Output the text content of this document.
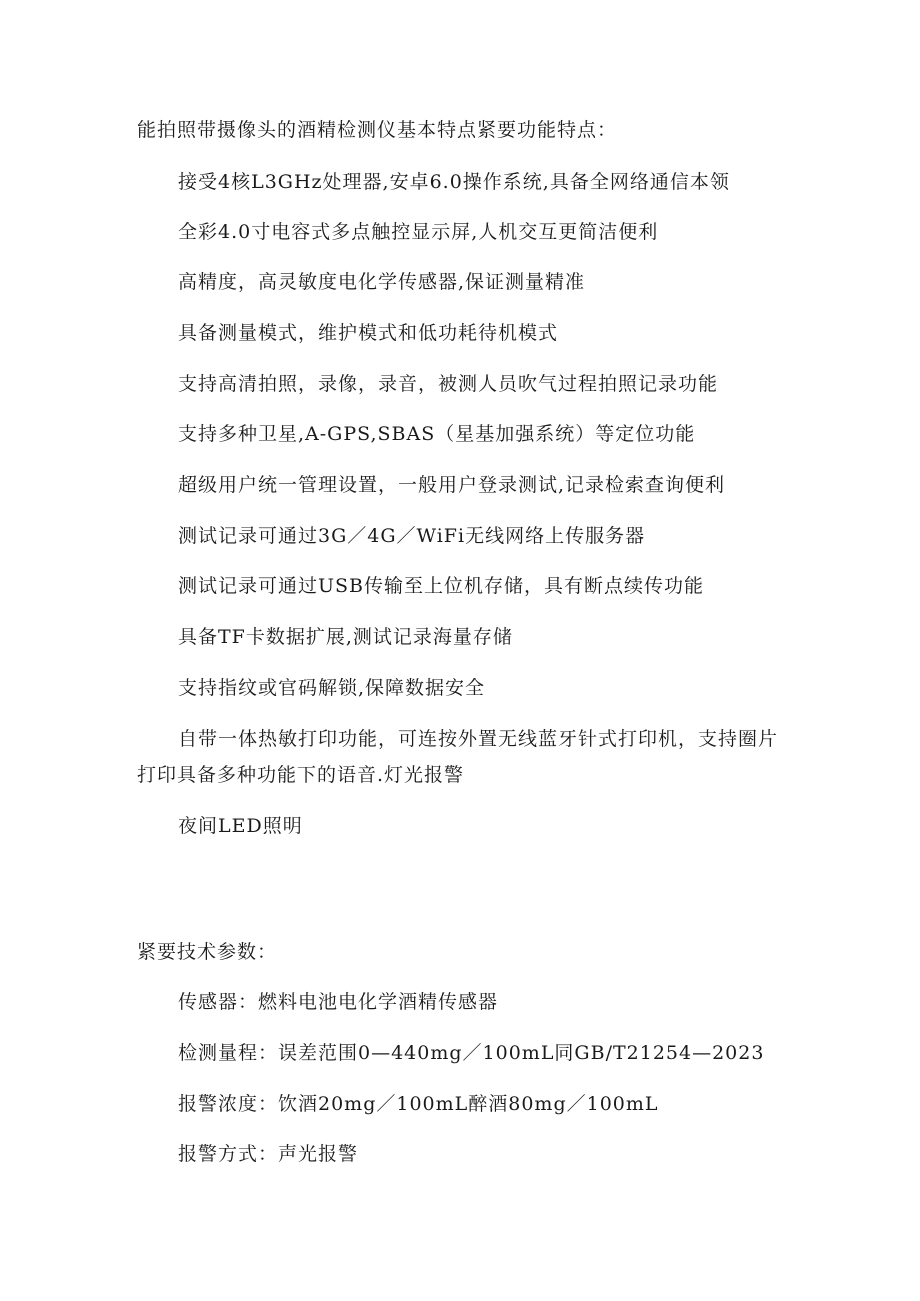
能拍照带摄像头的酒精检测仪基本特点紧要功能特点：
接受4核L3GHz处理器,安卓6.0操作系统,具备全网络通信本领
全彩4.0寸电容式多点触控显示屏,人机交互更简洁便利
高精度，高灵敏度电化学传感器,保证测量精准
具备测量模式，维护模式和低功耗待机模式
支持高清拍照，录像，录音，被测人员吹气过程拍照记录功能
支持多种卫星,A-GPS,SBAS（星基加强系统）等定位功能
超级用户统一管理设置，一般用户登录测试,记录检索查询便利
测试记录可通过3G／4G／WiFi无线网络上传服务器
测试记录可通过USB传输至上位机存储，具有断点续传功能
具备TF卡数据扩展,测试记录海量存储
支持指纹或官码解锁,保障数据安全
自带一体热敏打印功能，可连按外置无线蓝牙针式打印机，支持圈片
打印具备多种功能下的语音.灯光报警
夜间LED照明
紧要技术参数：
传感器：燃料电池电化学酒精传感器
检测量程：误差范围0—440mg／100mL同GB/T21254—2023
报警浓度：饮酒20mg／100mL醉酒80mg／100mL
报警方式：声光报警
